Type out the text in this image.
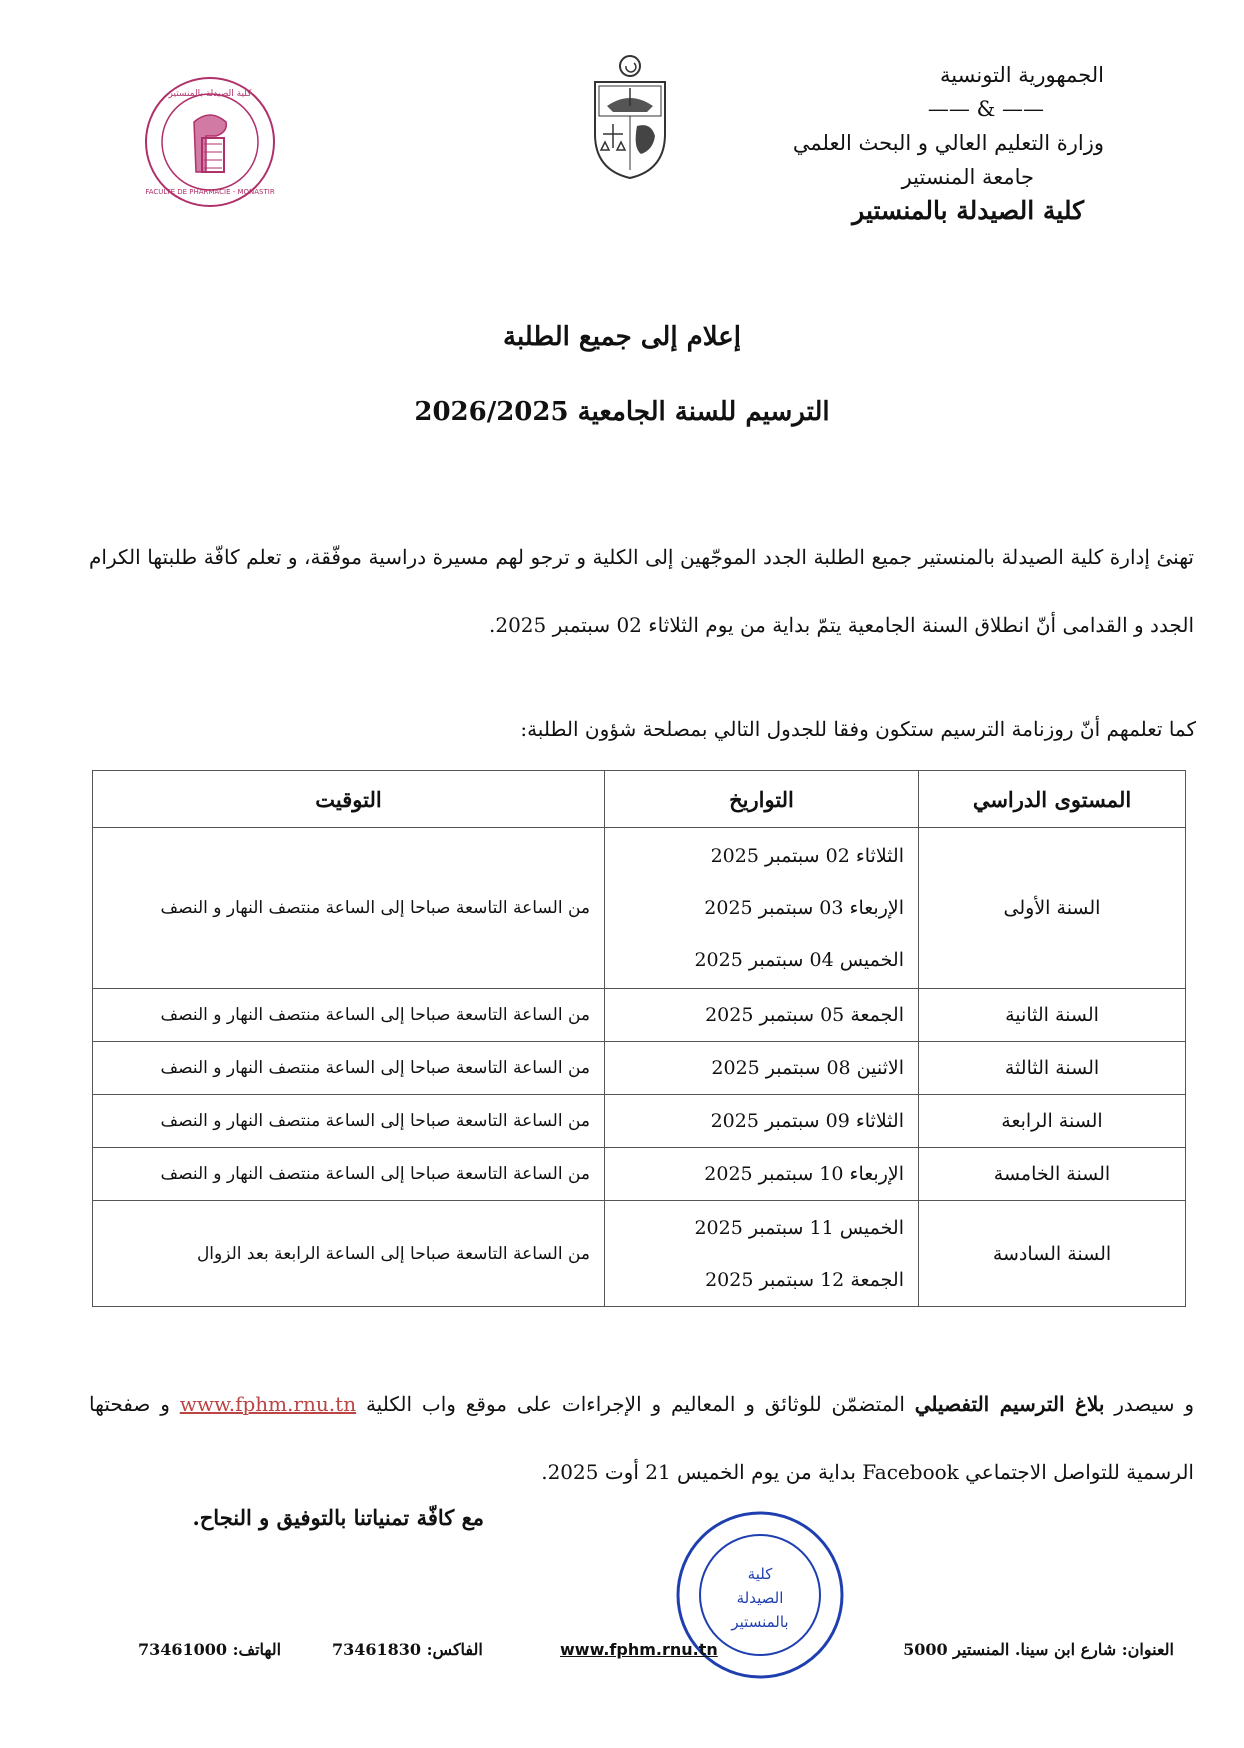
الجمهورية التونسية
—— & ——
وزارة التعليم العالي و البحث العلمي
جامعة المنستير
كلية الصيدلة بالمنستير
FACULTE DE PHARMACIE - MONASTIR
كلية الصيدلة بالمنستير
إعلام إلى جميع الطلبة
الترسيم للسنة الجامعية 2026/2025
تهنئ إدارة كلية الصيدلة بالمنستير جميع الطلبة الجدد الموجّهين إلى الكلية و ترجو لهم مسيرة دراسية موفّقة، و تعلم كافّة طلبتها الكرام الجدد و القدامى أنّ انطلاق السنة الجامعية يتمّ بداية من يوم الثلاثاء 02 سبتمبر 2025.
كما تعلمهم أنّ روزنامة الترسيم ستكون وفقا للجدول التالي بمصلحة شؤون الطلبة:
المستوى الدراسي	التواريخ	التوقيت
السنة الأولى	الثلاثاء 02 سبتمبر 2025
الإربعاء 03 سبتمبر 2025
الخميس 04 سبتمبر 2025	من الساعة التاسعة صباحا إلى الساعة منتصف النهار و النصف
السنة الثانية	الجمعة 05 سبتمبر 2025	من الساعة التاسعة صباحا إلى الساعة منتصف النهار و النصف
السنة الثالثة	الاثنين 08 سبتمبر 2025	من الساعة التاسعة صباحا إلى الساعة منتصف النهار و النصف
السنة الرابعة	الثلاثاء 09 سبتمبر 2025	من الساعة التاسعة صباحا إلى الساعة منتصف النهار و النصف
السنة الخامسة	الإربعاء 10 سبتمبر 2025	من الساعة التاسعة صباحا إلى الساعة منتصف النهار و النصف
السنة السادسة	الخميس 11 سبتمبر 2025
الجمعة 12 سبتمبر 2025	من الساعة التاسعة صباحا إلى الساعة الرابعة بعد الزوال
و سيصدر بلاغ الترسيم التفصيلي المتضمّن للوثائق و المعاليم و الإجراءات على موقع واب الكلية www.fphm.rnu.tn و صفحتها الرسمية للتواصل الاجتماعي Facebook بداية من يوم الخميس 21 أوت 2025.
مع كافّة تمنياتنا بالتوفيق و النجاح.
كلية
الصيدلة
بالمنستير
العنوان: شارع ابن سينا. المنستير 5000
www.fphm.rnu.tn
الفاكس: 73461830
الهاتف: 73461000
